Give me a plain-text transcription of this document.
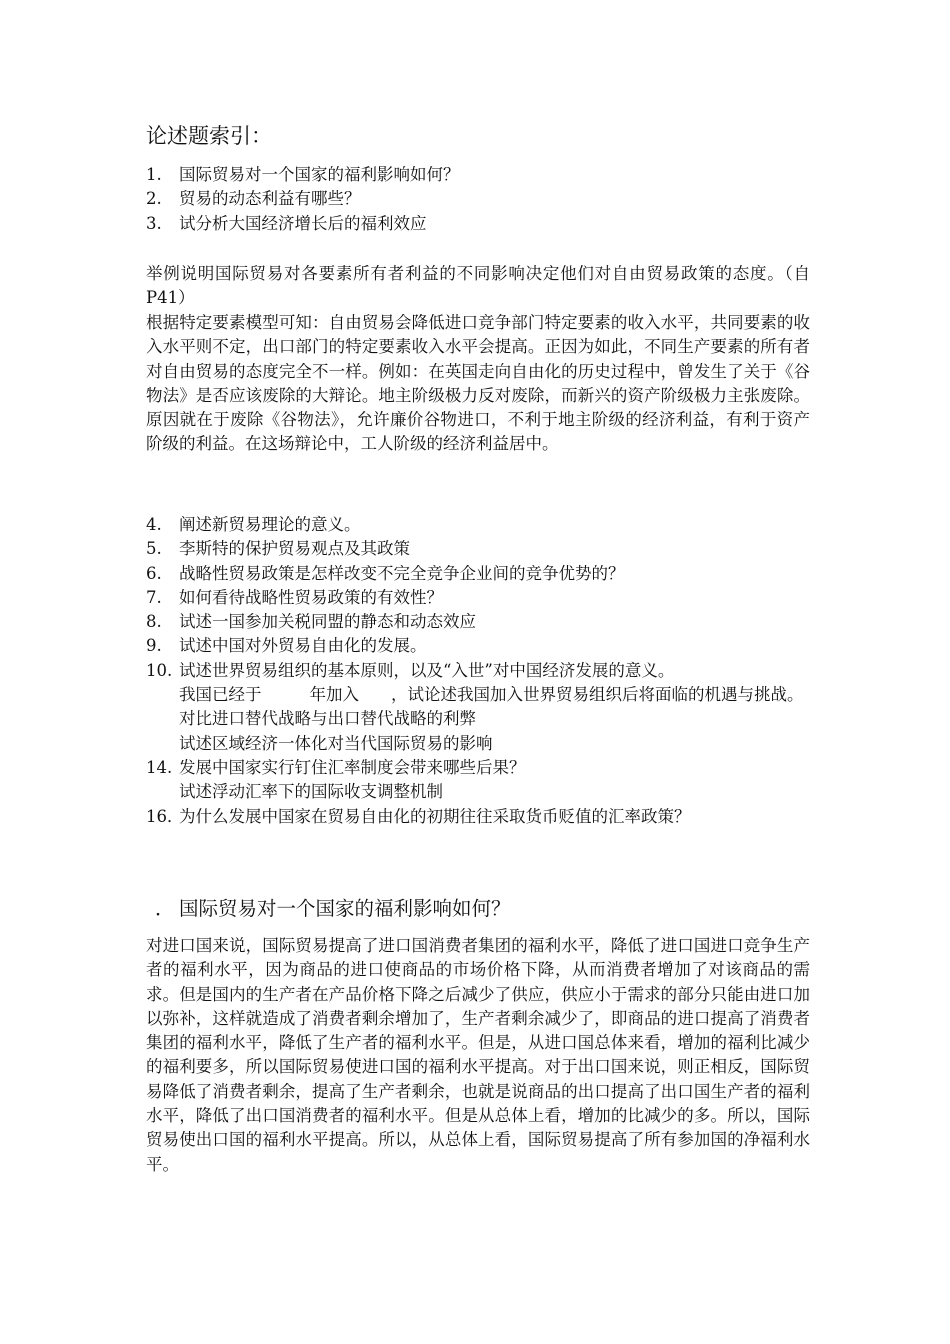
论述题索引：
1. 国际贸易对一个国家的福利影响如何？
2. 贸易的动态利益有哪些？
3. 试分析大国经济增长后的福利效应

举例说明国际贸易对各要素所有者利益的不同影响决定他们对自由贸易政策的态度。（自 P41）

根据特定要素模型可知：自由贸易会降低进口竞争部门特定要素的收入水平，共同要素的收入水平则不定，出口部门的特定要素收入水平会提高。正因为如此，不同生产要素的所有者对自由贸易的态度完全不一样。例如：在英国走向自由化的历史过程中，曾发生了关于《谷物法》是否应该废除的大辩论。地主阶级极力反对废除，而新兴的资产阶级极力主张废除。原因就在于废除《谷物法》，允许廉价谷物进口，不利于地主阶级的经济利益，有利于资产阶级的利益。在这场辩论中，工人阶级的经济利益居中。

4. 阐述新贸易理论的意义。
5. 李斯特的保护贸易观点及其政策
6. 战略性贸易政策是怎样改变不完全竞争企业间的竞争优势的？
7. 如何看待战略性贸易政策的有效性？
8. 试述一国参加关税同盟的静态和动态效应
9. 试述中国对外贸易自由化的发展。
10. 试述世界贸易组织的基本原则，以及“入世”对中国经济发展的意义。
我国已经于	年加入 ，试论述我国加入世界贸易组织后将面临的机遇与挑战。
对比进口替代战略与出口替代战略的利弊
试述区域经济一体化对当代国际贸易的影响
14. 发展中国家实行钉住汇率制度会带来哪些后果？
试述浮动汇率下的国际收支调整机制
16．
为什么发展中国家在贸易自由化的初期往往采取货币贬值的汇率政策？
． 国际贸易对一个国家的福利影响如何？

对进口国来说，国际贸易提高了进口国消费者集团的福利水平，降低了进口国进口竞争生产者的福利水平，因为商品的进口使商品的市场价格下降，从而消费者增加了对该商品的需求。但是国内的生产者在产品价格下降之后减少了供应，供应小于需求的部分只能由进口加以弥补，这样就造成了消费者剩余增加了，生产者剩余减少了，即商品的进口提高了消费者集团的福利水平，降低了生产者的福利水平。但是，从进口国总体来看，增加的福利比减少的福利要多，所以国际贸易使进口国的福利水平提高。对于出口国来说，则正相反，国际贸易降低了消费者剩余，提高了生产者剩余，也就是说商品的出口提高了出口国生产者的福利水平，降低了出口国消费者的福利水平。但是从总体上看，增加的比减少的多。所以，国际贸易使出口国的福利水平提高。所以，从总体上看，国际贸易提高了所有参加国的净福利水平。
